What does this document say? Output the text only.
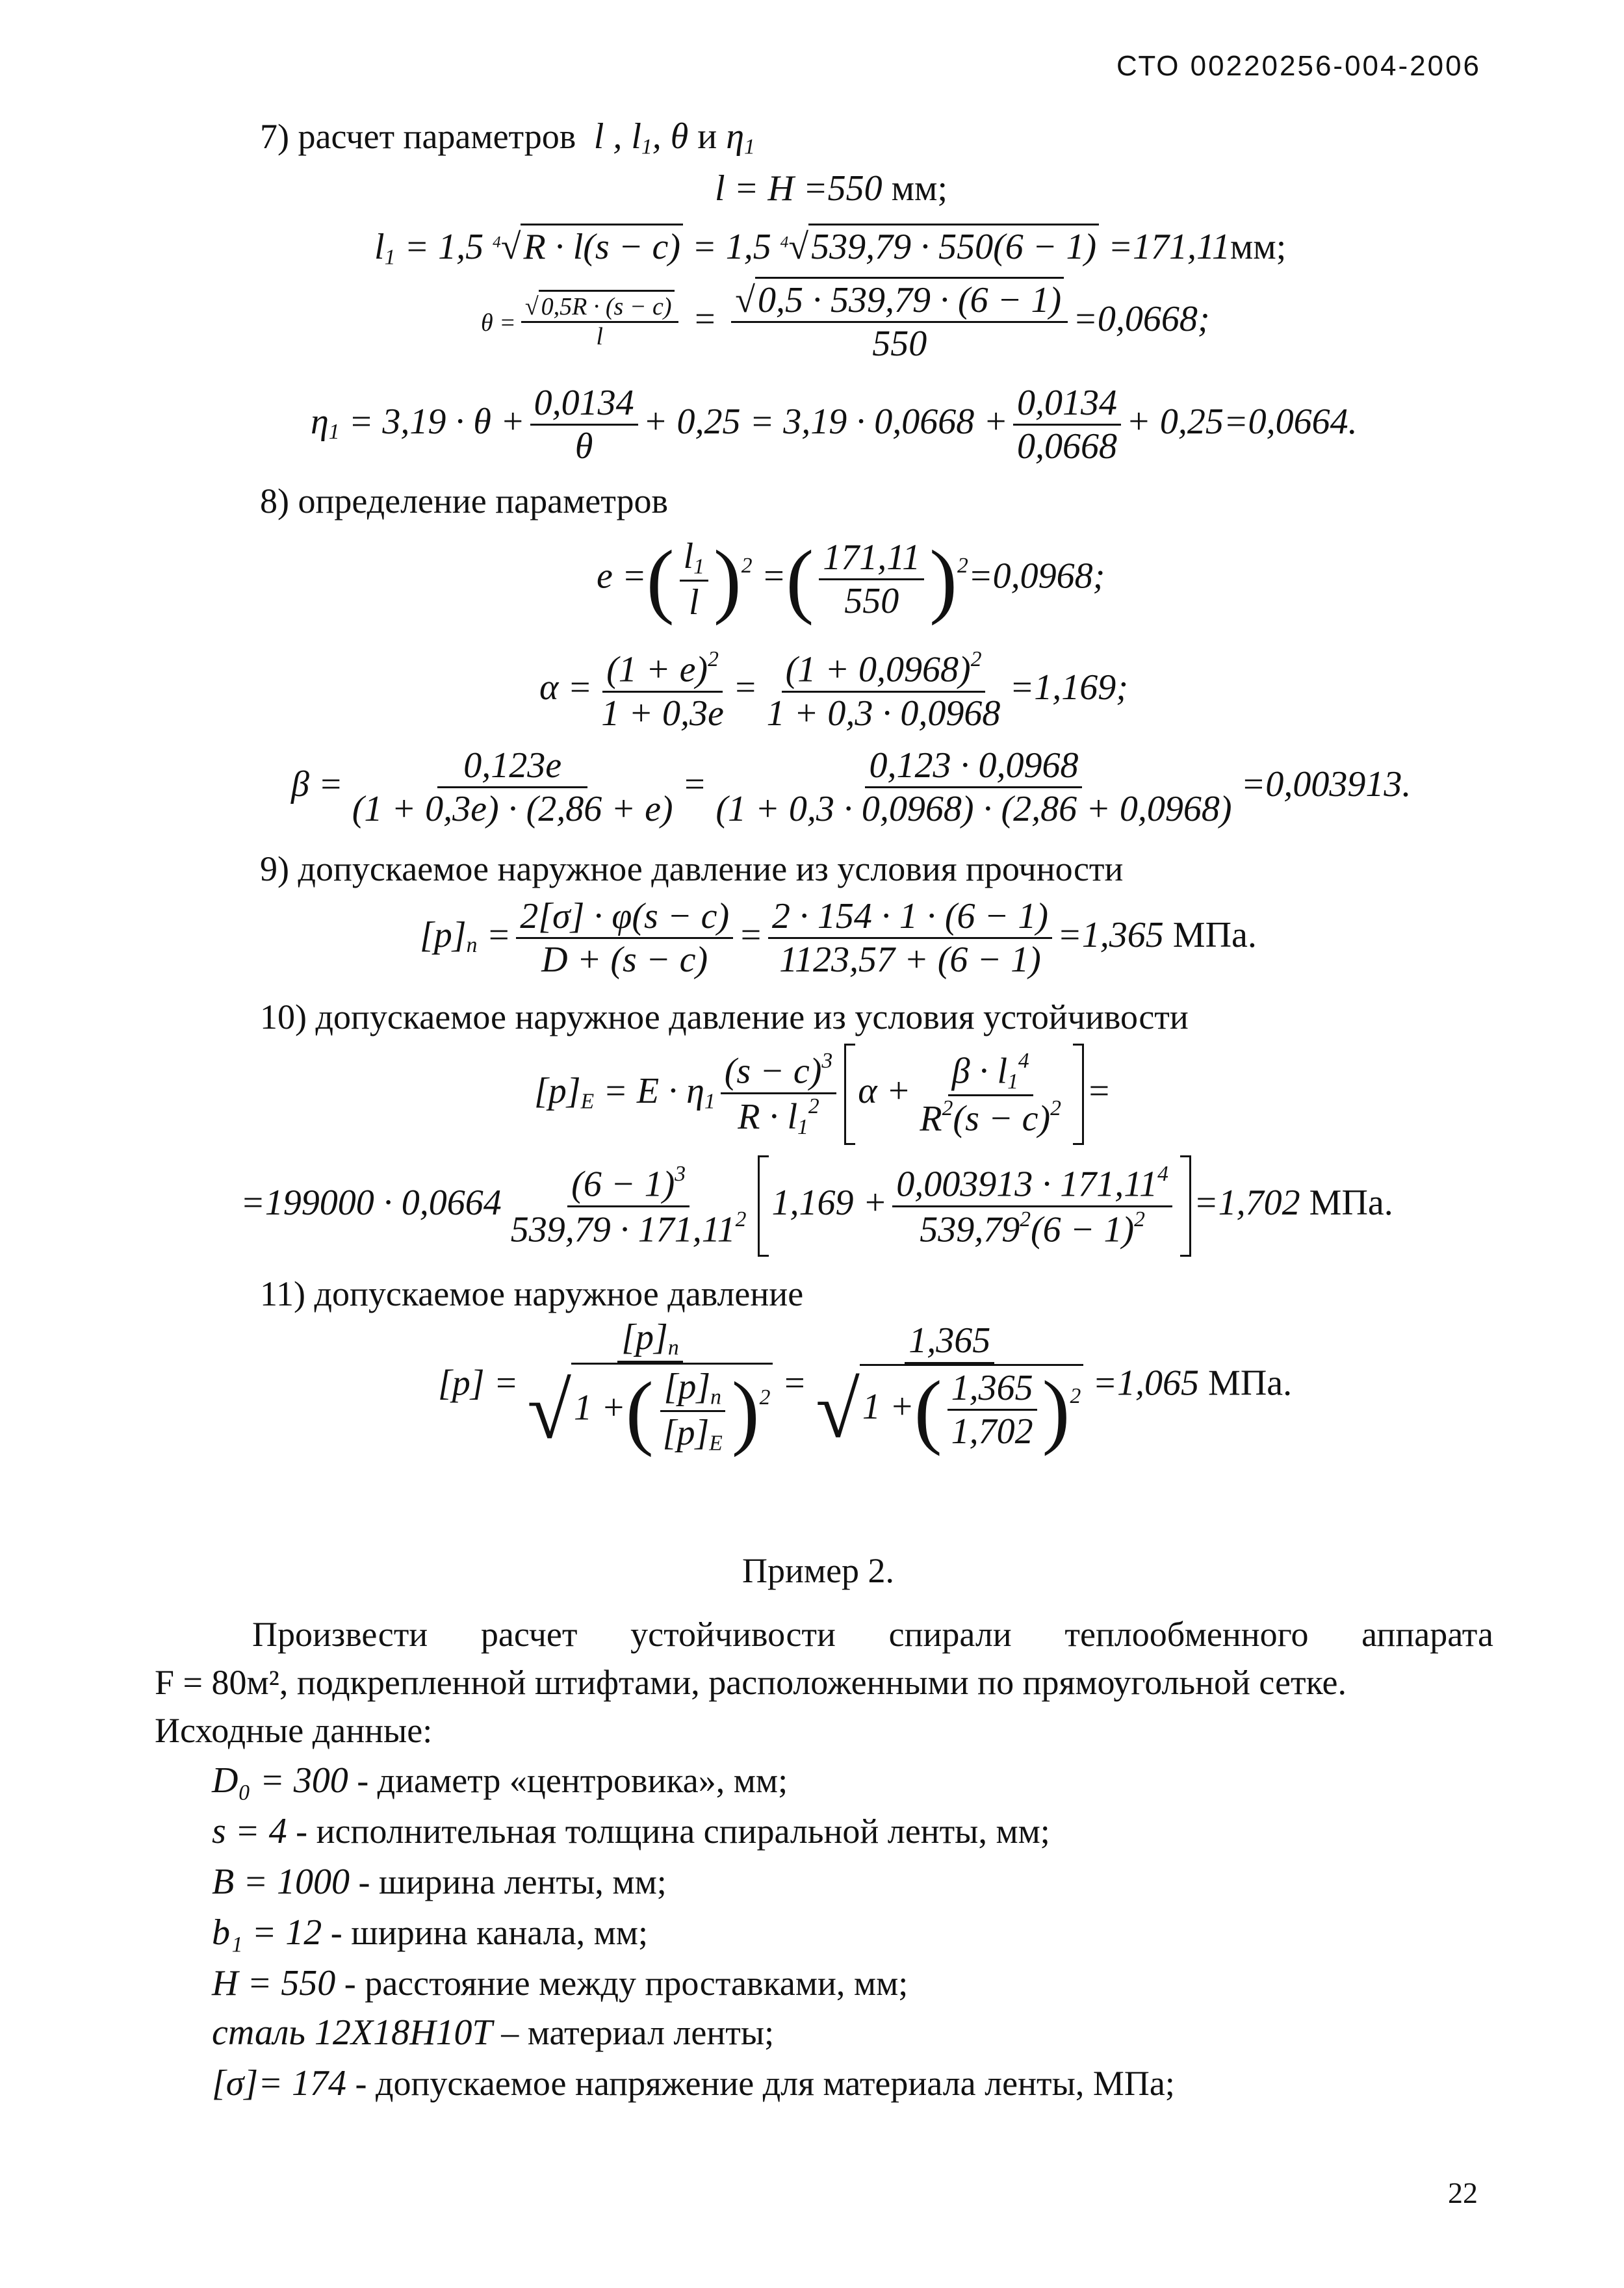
СТО 00220256-004-2006
7) расчет параметров l , $l_1$, θ и $\eta_1$
l = H =550 мм;
$l_1 = 1,5$ $^4$√R · l(s − c) = 1,5 $^4$√539,79 · 550(6 − 1) =171,11мм;
$\theta = \frac{√ 0,5R \cdot (s - c)}{l} = \frac{√0,5 \cdot 539,79 \cdot (6 - 1)}{550} =0,0668$;
$\eta_1 = 3,19 \cdot \theta + \frac{0,0134}{\theta} + 0,25 = 3,19 \cdot 0,0668 + \frac{0,0134}{0,0668} + 0,25=0,0664$.
8) определение параметров
e =( $\frac{l_1}{l} )^2$ =( $\frac{171,11}{550} )^2=0,0968$;
$\alpha = \frac{(1 + e)^2}{1 + 0,3e} = \frac{(1 + 0,0968)^2}{1 + 0,3 \cdot 0,0968} =1,169$;
$\beta = \frac{0,123e}{(1 + 0,3e) \cdot (2,86 + e)} = \frac{0,123 \cdot 0,0968}{(1 + 0,3 \cdot 0,0968) \cdot (2,86 + 0,0968)} =0,003913$.
9) допускаемое наружное давление из условия прочности
$[p]_п = \frac{2[\sigma] \cdot \varphi(s - c)}{D + (s - c)} = \frac{2 \cdot 154 \cdot 1 \cdot (6 - 1)}{1123,57 + (6 - 1)} =1,365$ МПа.
10) допускаемое наружное давление из условия устойчивости
$[p]_E = E \cdot \eta_1 \frac{(s - c)^3}{R \cdot l_1^2}$ $\alpha + \frac{\beta \cdot l_1^4}{R^2(s - c)^2}$ =
$=199000 \cdot 0,0664 \frac{(6 - 1)^3}{539,79 \cdot 171,11^2} 1,169 + \frac{0,003913 \cdot 171,11^4}{539,79^2(6 - 1)^2} =1,702$ МПа.
11) допускаемое наружное давление
$[p] = \frac{[p]_п}{√1 +( \frac{[p]_п}{[p]_E} )^2} = \frac{1,365}{√1 +( \frac{1,365}{1,702} )^2} =1,065$ МПа.
Пример 2.
Произвести расчет устойчивости спирали теплообменного аппарата
F = 80м², подкрепленной штифтами, расположенными по прямоугольной сетке.
Исходные данные:
D₀ = 300 - диаметр «центровика», мм;
s = 4 - исполнительная толщина спиральной ленты, мм;
B = 1000 - ширина ленты, мм;
b₁ = 12 - ширина канала, мм;
H = 550 - расстояние между проставками, мм;
сталь 12Х18Н10Т – материал ленты;
[σ]= 174 - допускаемое напряжение для материала ленты, МПа;
22
